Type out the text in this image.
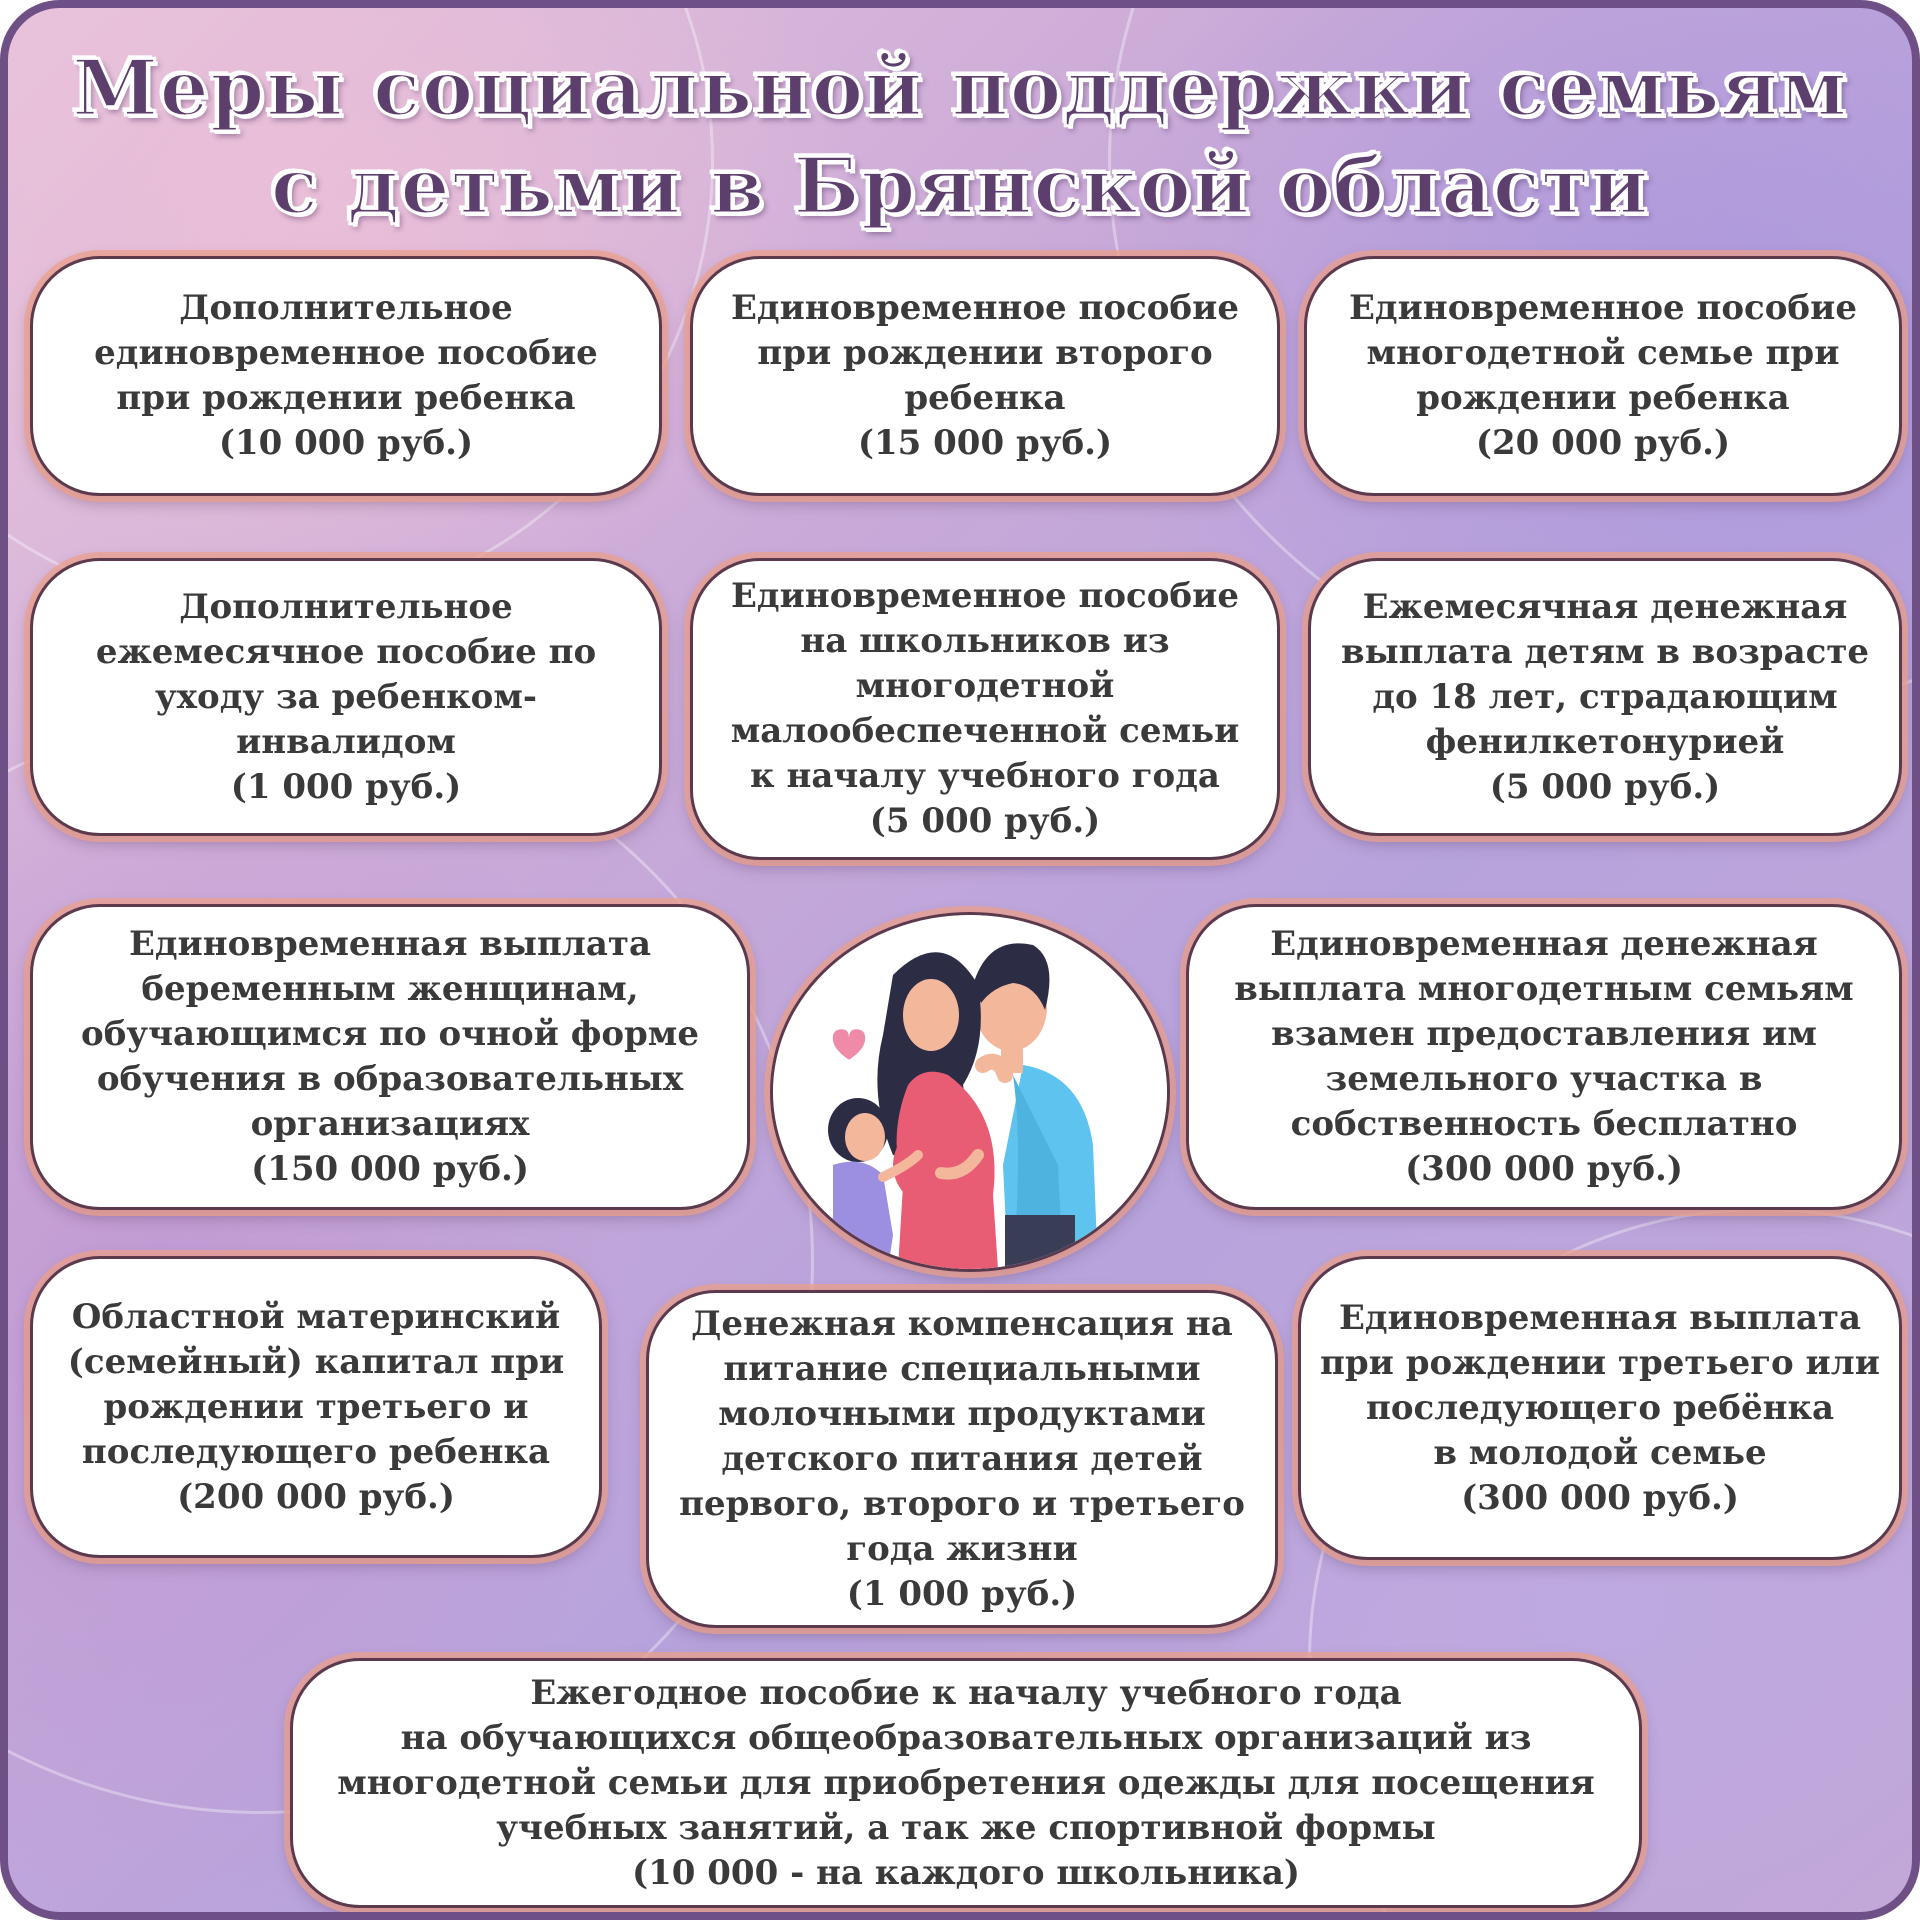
Меры социальной поддержки семьям
с детьми в Брянской области
Дополнительное
единовременное пособие
при рождении ребенка
(10 000 руб.)
Единовременное пособие
при рождении второго
ребенка
(15 000 руб.)
Единовременное пособие
многодетной семье при
рождении ребенка
(20 000 руб.)
Дополнительное
ежемесячное пособие по
уходу за ребенком-
инвалидом
(1 000 руб.)
Единовременное пособие
на школьников из
многодетной
малообеспеченной семьи
к началу учебного года
(5 000 руб.)
Ежемесячная денежная
выплата детям в возрасте
до 18 лет, страдающим
фенилкетонурией
(5 000 руб.)
Единовременная выплата
беременным женщинам,
обучающимся по очной форме
обучения в образовательных
организациях
(150 000 руб.)
Единовременная денежная
выплата многодетным семьям
взамен предоставления им
земельного участка в
собственность бесплатно
(300 000 руб.)
Областной материнский
(семейный) капитал при
рождении третьего и
последующего ребенка
(200 000 руб.)
Денежная компенсация на
питание специальными
молочными продуктами
детского питания детей
первого, второго и третьего
года жизни
(1 000 руб.)
Единовременная выплата
при рождении третьего или
последующего ребёнка
в молодой семье
(300 000 руб.)
Ежегодное пособие к началу учебного года
на обучающихся общеобразовательных организаций из
многодетной семьи для приобретения одежды для посещения
учебных занятий, а так же спортивной формы
(10 000 - на каждого школьника)
